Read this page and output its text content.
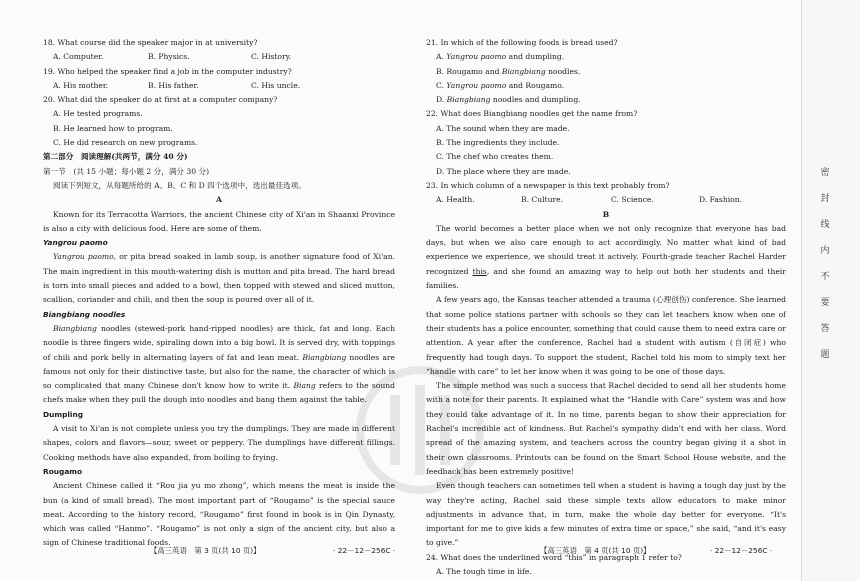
18. What course did the speaker major in at university?
A. Computer.	B. Physics.	C. History.
19. Who helped the speaker find a job in the computer industry?
A. His mother.	B. His father.	C. His uncle.
20. What did the speaker do at first at a computer company?
A. He tested programs.
B. He learned how to program.
C. He did research on new programs.
第二部分　阅读理解(共两节，满分 40 分)
第一节　(共 15 小题；每小题 2 分，满分 30 分)
阅读下列短文，从每题所给的 A、B、C 和 D 四个选项中，选出最佳选项。
A
Known for its Terracotta Warriors, the ancient Chinese city of Xi'an in Shaanxi Province is also a city with delicious food. Here are some of them.
Yangrou paomo
Yangrou paomo, or pita bread soaked in lamb soup, is another signature food of Xi'an. The main ingredient in this mouth-watering dish is mutton and pita bread. The hard bread is torn into small pieces and added to a bowl, then topped with stewed and sliced mutton, scallion, coriander and chili, and then the soup is poured over all of it.
Biangbiang noodles
Biangbiang noodles (stewed-pork hand-ripped noodles) are thick, fat and long. Each noodle is three fingers wide, spiraling down into a big bowl. It is served dry, with toppings of chili and pork belly in alternating layers of fat and lean meat. Biangbiang noodles are famous not only for their distinctive taste, but also for the name, the character of which is so complicated that many Chinese don't know how to write it. Biang refers to the sound chefs make when they pull the dough into noodles and bang them against the table.
Dumpling
A visit to Xi'an is not complete unless you try the dumplings. They are made in different shapes, colors and flavors—sour, sweet or peppery. The dumplings have different fillings. Cooking methods have also expanded, from boiling to frying.
Rougamo
Ancient Chinese called it “Rou jia yu mo zhong”, which means the meat is inside the bun (a kind of small bread). The most important part of “Rougamo” is the special sauce meat. According to the history record, “Rougamo” first found in book is in Qin Dynasty, which was called “Hanmo”. “Rougamo” is not only a sign of the ancient city, but also a sign of Chinese traditional foods.
【高三英语　第 3 页(共 10 页)】	· 22－12－256C ·
21. In which of the following foods is bread used?
A. Yangrou paomo and dumpling.
B. Rougamo and Biangbiang noodles.
C. Yangrou paomo and Rougamo.
D. Biangbiang noodles and dumpling.
22. What does Biangbiang noodles get the name from?
A. The sound when they are made.
B. The ingredients they include.
C. The chef who creates them.
D. The place where they are made.
23. In which column of a newspaper is this text probably from?
A. Health.	B. Culture.	C. Science.	D. Fashion.
B
The world becomes a better place when we not only recognize that everyone has bad days, but when we also care enough to act accordingly. No matter what kind of bad experience we experience, we should treat it actively. Fourth-grade teacher Rachel Harder recognized this, and she found an amazing way to help out both her students and their families.
A few years ago, the Kansas teacher attended a trauma (心理创伤) conference. She learned that some police stations partner with schools so they can let teachers know when one of their students has a police encounter, something that could cause them to need extra care or attention. A year after the conference, Rachel had a student with autism (自闭症) who frequently had tough days. To support the student, Rachel told his mom to simply text her “handle with care” to let her know when it was going to be one of those days.
The simple method was such a success that Rachel decided to send all her students home with a note for their parents. It explained what the “Handle with Care” system was and how they could take advantage of it. In no time, parents began to show their appreciation for Rachel's incredible act of kindness. But Rachel's sympathy didn't end with her class. Word spread of the amazing system, and teachers across the country began giving it a shot in their own classrooms. Printouts can be found on the Smart School House website, and the feedback has been extremely positive!
Even though teachers can sometimes tell when a student is having a tough day just by the way they're acting, Rachel said these simple texts allow educators to make minor adjustments in advance that, in turn, make the whole day better for everyone. “It's important for me to give kids a few minutes of extra time or space,” she said, “and it's easy to give.”
24. What does the underlined word “this” in paragraph 1 refer to?
A. The tough time in life.
【高三英语　第 4 页(共 10 页)】	· 22－12－256C ·
密
封
线
内
不
要
答
题
